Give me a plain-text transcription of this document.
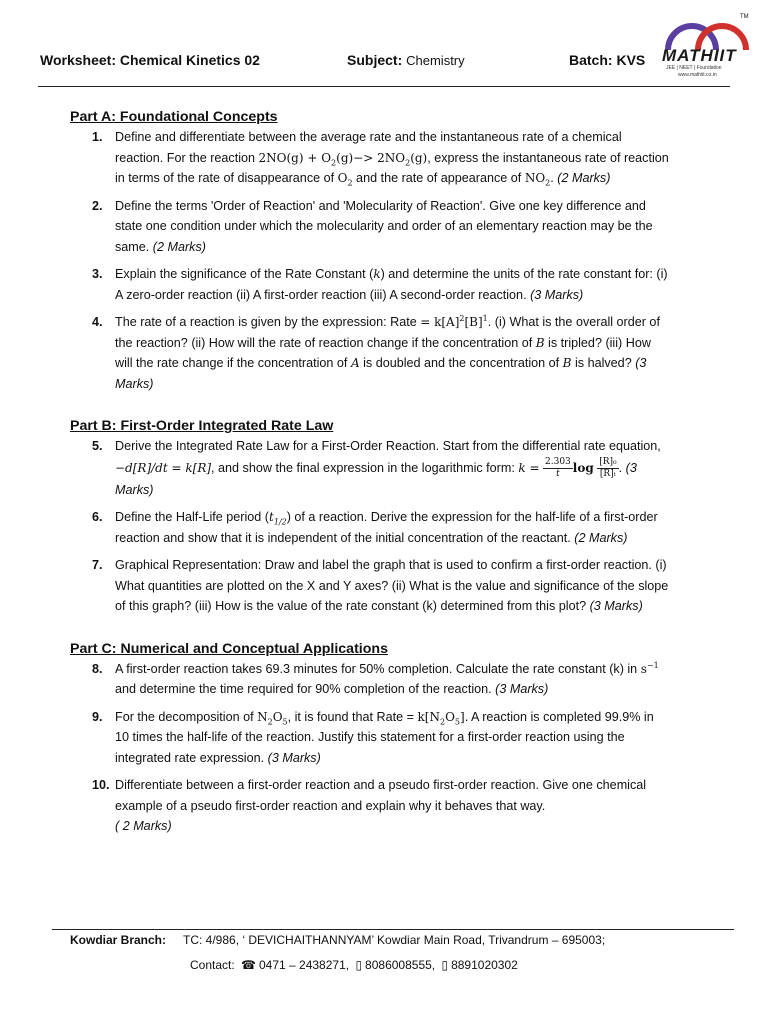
Worksheet: Chemical Kinetics 02	Subject: Chemistry	Batch: KVS
TM
MATHIIT
JEE | NEET | Foundation
www.mathiit.co.in

Part A: Foundational Concepts

1. Define and differentiate between the average rate and the instantaneous rate of a chemical reaction. For the reaction $2NO(g) + O_2(g)-> 2NO_2(g)$, express the instantaneous rate of reaction in terms of the rate of disappearance of $O_2$ and the rate of appearance of $NO_2$. (2 Marks)
2. Define the terms 'Order of Reaction' and 'Molecularity of Reaction'. Give one key difference and state one condition under which the molecularity and order of an elementary reaction may be the same. (2 Marks)
3. Explain the significance of the Rate Constant (k) and determine the units of the rate constant for: (i) A zero-order reaction (ii) A first-order reaction (iii) A second-order reaction. (3 Marks)
4. The rate of a reaction is given by the expression: Rate = $k[A]^2[B]^1$. (i) What is the overall order of the reaction? (ii) How will the rate of reaction change if the concentration of B is tripled? (iii) How will the rate change if the concentration of A is doubled and the concentration of B is halved? (3 Marks)

Part B: First-Order Integrated Rate Law

5. Derive the Integrated Rate Law for a First-Order Reaction. Start from the differential rate equation, −d[R]/dt = k[R], and show the final expression in the logarithmic form: $k = \frac{2.303}{t}$ $\log \frac{\text{[R]₀}}{\text{[R]ₜ}}$ . (3 Marks)
6. Define the Half-Life period $(t_{1/2})$ of a reaction. Derive the expression for the half-life of a first-order reaction and show that it is independent of the initial concentration of the reactant. (2 Marks)
7. Graphical Representation: Draw and label the graph that is used to confirm a first-order reaction. (i) What quantities are plotted on the X and Y axes? (ii) What is the value and significance of the slope of this graph? (iii) How is the value of the rate constant (k) determined from this plot? (3 Marks)

Part C: Numerical and Conceptual Applications

8. A first-order reaction takes 69.3 minutes for 50% completion. Calculate the rate constant (k) in $s^{-1}$ and determine the time required for 90% completion of the reaction. (3 Marks)
9. For the decomposition of $N_2O_5$, it is found that Rate = $k[N_2O_5]$. A reaction is completed 99.9% in 10 times the half-life of the reaction. Justify this statement for a first-order reaction using the integrated rate expression. (3 Marks)
10. Differentiate between a first-order reaction and a pseudo first-order reaction. Give one chemical example of a pseudo first-order reaction and explain why it behaves that way.
( 2 Marks)
Kowdiar Branch: TC: 4/986, ‘ DEVICHAITHANNYAM’ Kowdiar Main Road, Trivandrum – 695003;
Contact: ☎ 0471 – 2438271, ▯ 8086008555, ▯ 8891020302
